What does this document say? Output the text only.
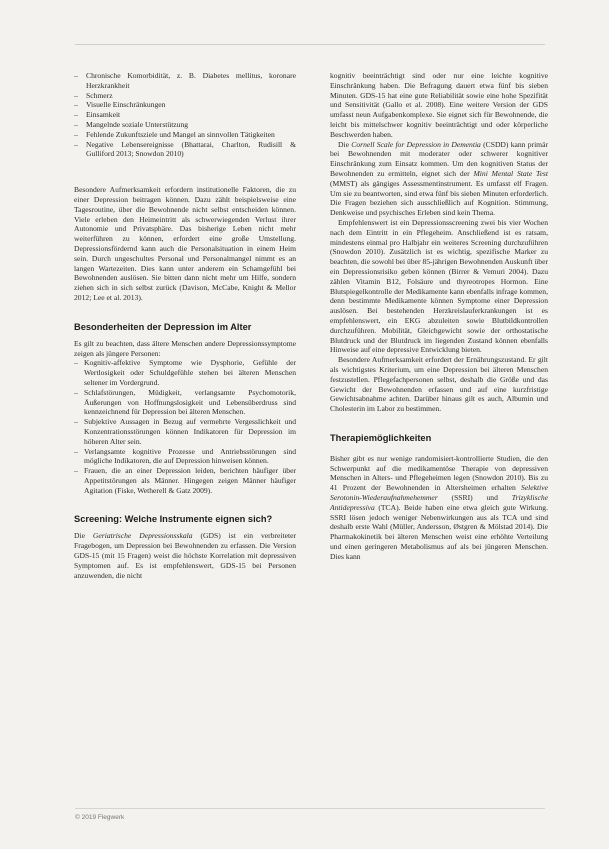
– Chronische Komorbidität, z. B. Diabetes mellitus, koronare Herzkrankheit
– Schmerz
– Visuelle Einschränkungen
– Einsamkeit
– Mangelnde soziale Unterstützung
– Fehlende Zukunftsziele und Mangel an sinnvollen Tätigkeiten
– Negative Lebensereignisse (Bhattarai, Charlton, Rudisill & Gulliford 2013; Snowdon 2010)

Besondere Aufmerksamkeit erfordern institutionelle Faktoren, die zu einer Depression beitragen können. Dazu zählt beispielsweise eine Tagesroutine, über die Bewohnende nicht selbst entscheiden können. Viele erleben den Heimeintritt als schwerwiegenden Verlust ihrer Autonomie und Privatsphäre. Das bisherige Leben nicht mehr weiterführen zu können, erfordert eine große Umstellung. Depressionsfördernd kann auch die Personalsituation in einem Heim sein. Durch ungeschultes Personal und Personalmangel nimmt es an langen Wartezeiten. Dies kann unter anderem ein Schamgefühl bei Bewohnenden auslösen. Sie bitten dann nicht mehr um Hilfe, sondern ziehen sich in sich selbst zurück (Davison, McCabe, Knight & Mellor 2012; Lee et al. 2013).

Besonderheiten der Depression im Alter

Es gilt zu beachten, dass ältere Menschen andere Depressionssymptome zeigen als jüngere Personen:

– Kognitiv-affektive Symptome wie Dysphorie, Gefühle der Wertlosigkeit oder Schuldgefühle stehen bei älteren Menschen seltener im Vordergrund.
– Schlafstörungen, Müdigkeit, verlangsamte Psychomotorik, Äußerungen von Hoffnungslosigkeit und Lebensüberdruss sind kennzeichnend für Depression bei älteren Menschen.
– Subjektive Aussagen in Bezug auf vermehrte Vergesslichkeit und Konzentrationsstörungen können Indikatoren für Depression im höheren Alter sein.
– Verlangsamte kognitive Prozesse und Antriebsstörungen sind mögliche Indikatoren, die auf Depression hinweisen können.
– Frauen, die an einer Depression leiden, berichten häufiger über Appetitstörungen als Männer. Hingegen zeigen Männer häufiger Agitation (Fiske, Wetherell & Gatz 2009).
Screening: Welche Instrumente eignen sich?

Die Geriatrische Depressionsskala (GDS) ist ein verbreiteter Fragebogen, um Depression bei Bewohnenden zu erfassen. Die Version GDS-15 (mit 15 Fragen) weist die höchste Korrelation mit depressiven Symptomen auf. Es ist empfehlenswert, GDS-15 bei Personen anzuwenden, die nicht

kognitiv beeinträchtigt sind oder nur eine leichte kognitive Einschränkung haben. Die Befragung dauert etwa fünf bis sieben Minuten. GDS-15 hat eine gute Reliabilität sowie eine hohe Spezifität und Sensitivität (Gallo et al. 2008). Eine weitere Version der GDS umfasst neun Aufgabenkomplexe. Sie eignet sich für Bewohnende, die leicht bis mittelschwer kognitiv beeinträchtigt und oder körperliche Beschwerden haben.

Die Cornell Scale for Depression in Dementia (CSDD) kann primär bei Bewohnenden mit moderater oder schwerer kognitiver Einschränkung zum Einsatz kommen. Um den kognitiven Status der Bewohnenden zu ermitteln, eignet sich der Mini Mental State Test (MMST) als gängiges Assessmentinstrument. Es umfasst elf Fragen. Um sie zu beantworten, sind etwa fünf bis sieben Minuten erforderlich. Die Fragen beziehen sich ausschließlich auf Kognition. Stimmung, Denkweise und psychisches Erleben sind kein Thema.

Empfehlenswert ist ein Depressionsscreening zwei bis vier Wochen nach dem Eintritt in ein Pflegeheim. Anschließend ist es ratsam, mindestens einmal pro Halbjahr ein weiteres Screening durchzuführen (Snowdon 2010). Zusätzlich ist es wichtig, spezifische Marker zu beachten, die sowohl bei über 85-jährigen Bewohnenden Auskunft über ein Depressionsrisiko geben können (Birrer & Vemuri 2004). Dazu zählen Vitamin B12, Folsäure und thyreotropes Hormon. Eine Blutspiegelkontrolle der Medikamente kann ebenfalls infrage kommen, denn bestimmte Medikamente können Symptome einer Depression auslösen. Bei bestehenden Herzkreislauferkrankungen ist es empfehlenswert, ein EKG abzuleiten sowie Blutbildkontrollen durchzuführen. Mobilität, Gleichgewicht sowie der orthostatische Blutdruck und der Blutdruck im liegenden Zustand können ebenfalls Hinweise auf eine depressive Entwicklung bieten.

Besondere Aufmerksamkeit erfordert der Ernährungszustand. Er gilt als wichtigstes Kriterium, um eine Depression bei älteren Menschen festzustellen. Pflegefachpersonen selbst, deshalb die Größe und das Gewicht der Bewohnenden erfassen und auf eine kurzfristige Gewichtsabnahme achten. Darüber hinaus gilt es auch, Albumin und Cholesterin im Labor zu bestimmen.

Therapiemöglichkeiten

Bisher gibt es nur wenige randomisiert-kontrollierte Studien, die den Schwerpunkt auf die medikamentöse Therapie von depressiven Menschen in Alters- und Pflegeheimen legen (Snowdon 2010). Bis zu 41 Prozent der Bewohnenden in Altersheimen erhalten Selektive Serotonin-Wiederaufnahmehemmer (SSRI) und Trizyklische Antidepressiva (TCA). Beide haben eine etwa gleich gute Wirkung. SSRI lösen jedoch weniger Nebenwirkungen aus als TCA und sind deshalb erste Wahl (Müller, Andersson, Østgren & Mölstad 2014). Die Pharmakokinetik bei älteren Menschen weist eine erhöhte Verteilung und einen geringeren Metabolismus auf als bei jüngeren Menschen. Dies kann

© 2019 Flegwerk
